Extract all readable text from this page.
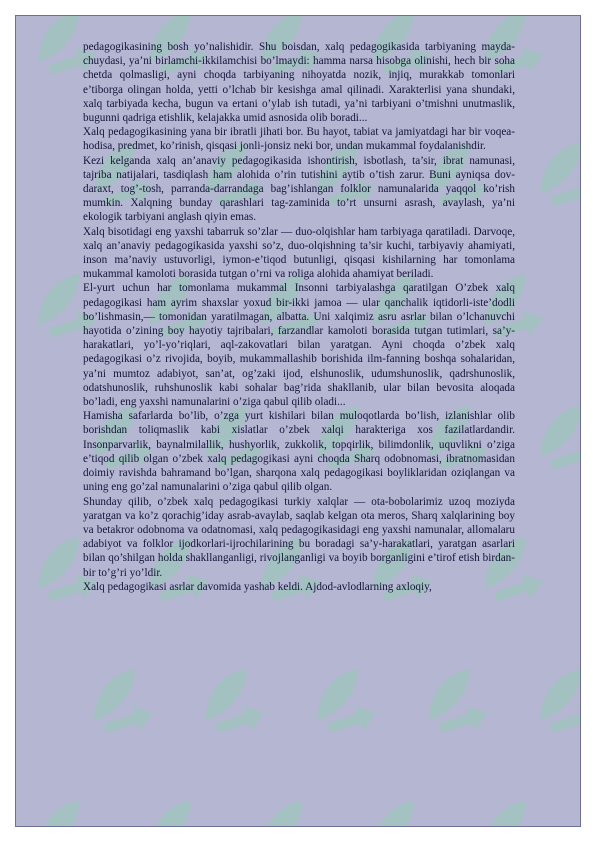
pedagogikasining bosh yo’nalishidir. Shu boisdan, xalq pedagogikasida tarbiyaning mayda-chuydasi, ya’ni birlamchi-ikkilamchisi bo’lmaydi: hamma narsa hisobga olinishi, hech bir soha chetda qolmasligi, ayni choqda tarbiyaning nihoyatda nozik, injiq, murakkab tomonlari e’tiborga olingan holda, yetti o’lchab bir kesishga amal qilinadi. Xarakterlisi yana shundaki, xalq tarbiyada kecha, bugun va ertani o’ylab ish tutadi, ya’ni tarbiyani o’tmishni unutmaslik, bugunni qadriga etishlik, kelajakka umid asnosida olib boradi...

Xalq pedagogikasining yana bir ibratli jihati bor. Bu hayot, tabiat va jamiyatdagi har bir voqea-hodisa, predmet, ko’rinish, qisqasi jonli-jonsiz neki bor, undan mukammal foydalanishdir.

Kezi kelganda xalq an’anaviy pedagogikasida ishontirish, isbotlash, ta’sir, ibrat namunasi, tajriba natijalari, tasdiqlash ham alohida o’rin tutishini aytib o’tish zarur. Buni ayniqsa dov-daraxt, tog’-tosh, parranda-darrandaga bag’ishlangan folklor namunalarida yaqqol ko’rish mumkin. Xalqning bunday qarashlari tag-zaminida to’rt unsurni asrash, avaylash, ya’ni ekologik tarbiyani anglash qiyin emas.

Xalq bisotidagi eng yaxshi tabarruk so’zlar — duo-olqishlar ham tarbiyaga qaratiladi. Darvoqe, xalq an’anaviy pedagogikasida yaxshi so’z, duo-olqishning ta’sir kuchi, tarbiyaviy ahamiyati, inson ma’naviy ustuvorligi, iymon-e’tiqod butunligi, qisqasi kishilarning har tomonlama mukammal kamoloti borasida tutgan o’rni va roliga alohida ahamiyat beriladi.

El-yurt uchun har tomonlama mukammal Insonni tarbiyalashga qaratilgan O’zbek xalq pedagogikasi ham ayrim shaxslar yoxud bir-ikki jamoa — ular qanchalik iqtidorli-iste’dodli bo’lishmasin,— tomonidan yaratilmagan, albatta. Uni xalqimiz asru asrlar bilan o’lchanuvchi hayotida o’zining boy hayotiy tajribalari, farzandlar kamoloti borasida tutgan tutimlari, sa’y-harakatlari, yo’l-yo’riqlari, aql-zakovatlari bilan yaratgan. Ayni choqda o’zbek xalq pedagogikasi o’z rivojida, boyib, mukammallashib borishida ilm-fanning boshqa sohalaridan, ya’ni mumtoz adabiyot, san’at, og’zaki ijod, elshunoslik, udumshunoslik, qadrshunoslik, odatshunoslik, ruhshunoslik kabi sohalar bag’rida shakllanib, ular bilan bevosita aloqada bo’ladi, eng yaxshi namunalarini o’ziga qabul qilib oladi...

Hamisha safarlarda bo’lib, o’zga yurt kishilari bilan muloqotlarda bo’lish, izlanishlar olib borishdan toliqmaslik kabi xislatlar o’zbek xalqi harakteriga xos fazilatlardandir. Insonparvarlik, baynalmilallik, hushyorlik, zukkolik, topqirlik, bilimdonlik, uquvlikni o’ziga e’tiqod qilib olgan o’zbek xalq pedagogikasi ayni choqda Sharq odobnomasi, ibratnomasidan doimiy ravishda bahramand bo’lgan, sharqona xalq pedagogikasi boyliklaridan oziqlangan va uning eng go’zal namunalarini o’ziga qabul qilib olgan.

Shunday qilib, o’zbek xalq pedagogikasi turkiy xalqlar — ota-bobolarimiz uzoq moziyda yaratgan va ko’z qorachig’iday asrab-avaylab, saqlab kelgan ota meros, Sharq xalqlarining boy va betakror odobnoma va odatnomasi, xalq pedagogikasidagi eng yaxshi namunalar, allomalaru adabiyot va folklor ijodkorlari-ijrochilarining bu boradagi sa’y-harakatlari, yaratgan asarlari bilan qo’shilgan holda shakllanganligi, rivojlanganligi va boyib borganligini e’tirof etish birdan-bir to’g’ri yo’ldir.

Xalq pedagogikasi asrlar davomida yashab keldi. Ajdod-avlodlarning axloqiy,
